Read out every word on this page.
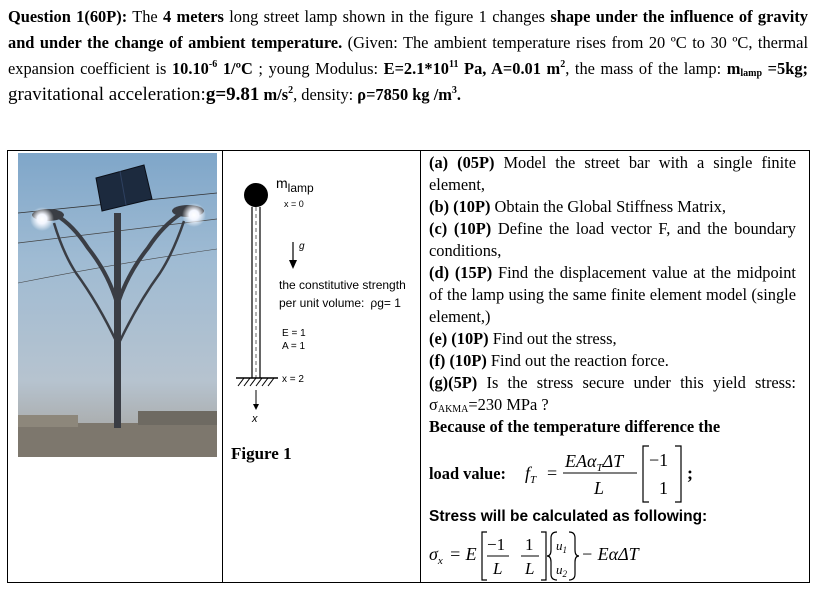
Question 1(60P): The 4 meters long street lamp shown in the figure 1 changes shape under the influence of gravity and under the change of ambient temperature. (Given: The ambient temperature rises from 20 ºC to 30 ºC, thermal expansion coefficient is $10.10^{-6}$ 1/ºC ; young Modulus: $E=2.1*10^{11}$ Pa, A=0.01 $m^2$, the mass of the lamp: $m_{lamp} =5kg$; gravitational acceleration:g=9.81 $m/s^2$, density: ρ=7850 kg $/m^3$.
mlamp
x = 0
g
the constitutive strength
per unit volume: ρg= 1
E = 1
A = 1
x = 2
x
Figure 1
(a) (05P) Model the street bar with a single finite element,
(b) (10P) Obtain the Global Stiffness Matrix,
(c) (10P) Define the load vector F, and the boundary conditions,
(d) (15P) Find the displacement value at the midpoint of the lamp using the same finite element model (single element,)
(e) (10P) Find out the stress,
(f) (10P) Find out the reaction force.
(g)(5P) Is the stress secure under this yield stress: $\sigma_{AKMA}=230$ MPa ?
Because of the temperature difference the
load value: $f_T$ =
EAα$_T$ΔT
L
−1
1
;
Stress will be calculated as following:
$\sigma_x = E -1$
L
1
L
$u_1$
$u_2$
− EαΔT
